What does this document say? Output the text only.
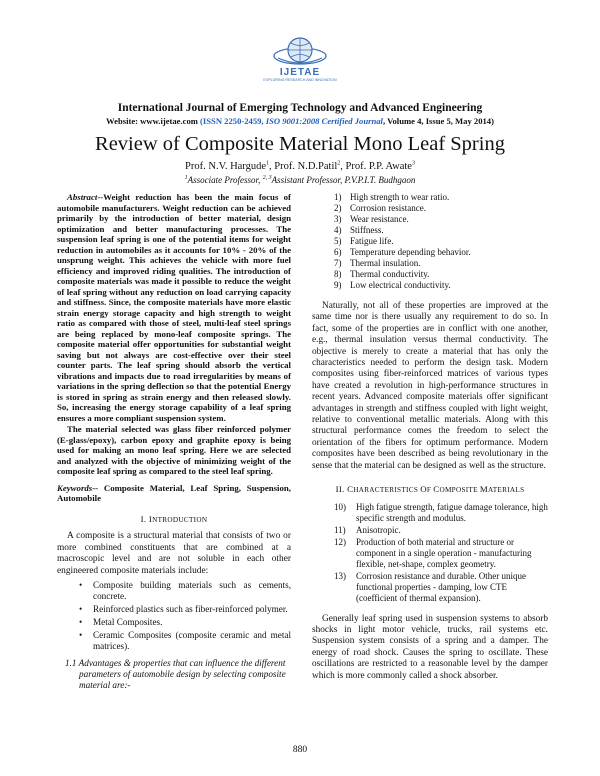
IJETAE
EXPLORING RESEARCH AND INNOVATION
International Journal of Emerging Technology and Advanced Engineering
Website: www.ijetae.com (ISSN 2250-2459, ISO 9001:2008 Certified Journal, Volume 4, Issue 5, May 2014)
Review of Composite Material Mono Leaf Spring
Prof. N.V. Hargude$^1$, Prof. N.D.Patil$^2$, Prof. P.P. Awate$^3$
$^1$Associate Professor, $^{2, 3}$Assistant Professor, P.V.P.I.T. Budhgaon

Abstract--Weight reduction has been the main focus of automobile manufacturers. Weight reduction can be achieved primarily by the introduction of better material, design optimization and better manufacturing processes. The suspension leaf spring is one of the potential items for weight reduction in automobiles as it accounts for 10% - 20% of the unsprung weight. This achieves the vehicle with more fuel efficiency and improved riding qualities. The introduction of composite materials was made it possible to reduce the weight of leaf spring without any reduction on load carrying capacity and stiffness. Since, the composite materials have more elastic strain energy storage capacity and high strength to weight ratio as compared with those of steel, multi-leaf steel springs are being replaced by mono-leaf composite springs. The composite material offer opportunities for substantial weight saving but not always are cost-effective over their steel counter parts. The leaf spring should absorb the vertical vibrations and impacts due to road irregularities by means of variations in the spring deflection so that the potential Energy is stored in spring as strain energy and then released slowly. So, increasing the energy storage capability of a leaf spring ensures a more compliant suspension system.

The material selected was glass fiber reinforced polymer (E-glass/epoxy), carbon epoxy and graphite epoxy is being used for making an mono leaf spring. Here we are selected and analyzed with the objective of minimizing weight of the composite leaf spring as compared to the steel leaf spring.

Keywords-- Composite Material, Leaf Spring, Suspension, Automobile
I. INTRODUCTION

A composite is a structural material that consists of two or more combined constituents that are combined at a macroscopic level and are not soluble in each other engineered composite materials include:

• Composite building materials such as cements, concrete.
• Reinforced plastics such as fiber-reinforced polymer.
• Metal Composites.
• Ceramic Composites (composite ceramic and metal matrices).
1.1 Advantages & properties that can influence the different parameters of automobile design by selecting composite material are:-
1) High strength to wear ratio.
2) Corrosion resistance.
3) Wear resistance.
4) Stiffness.
5) Fatigue life.
6) Temperature depending behavior.
7) Thermal insulation.
8) Thermal conductivity.
9) Low electrical conductivity.

Naturally, not all of these properties are improved at the same time nor is there usually any requirement to do so. In fact, some of the properties are in conflict with one another, e.g., thermal insulation versus thermal conductivity. The objective is merely to create a material that has only the characteristics needed to perform the design task. Modern composites using fiber-reinforced matrices of various types have created a revolution in high-performance structures in recent years. Advanced composite materials offer significant advantages in strength and stiffness coupled with light weight, relative to conventional metallic materials. Along with this structural performance comes the freedom to select the orientation of the fibers for optimum performance. Modern composites have been described as being revolutionary in the sense that the material can be designed as well as the structure.

II. CHARACTERISTICS OF COMPOSITE MATERIALS
10) High fatigue strength, fatigue damage tolerance, high specific strength and modulus.
11) Anisotropic.
12) Production of both material and structure or component in a single operation - manufacturing flexible, net-shape, complex geometry.
13) Corrosion resistance and durable. Other unique functional properties - damping, low CTE (coefficient of thermal expansion).

Generally leaf spring used in suspension systems to absorb shocks in light motor vehicle, trucks, rail systems etc. Suspension system consists of a spring and a damper. The energy of road shock. Causes the spring to oscillate. These oscillations are restricted to a reasonable level by the damper which is more commonly called a shock absorber.

880
